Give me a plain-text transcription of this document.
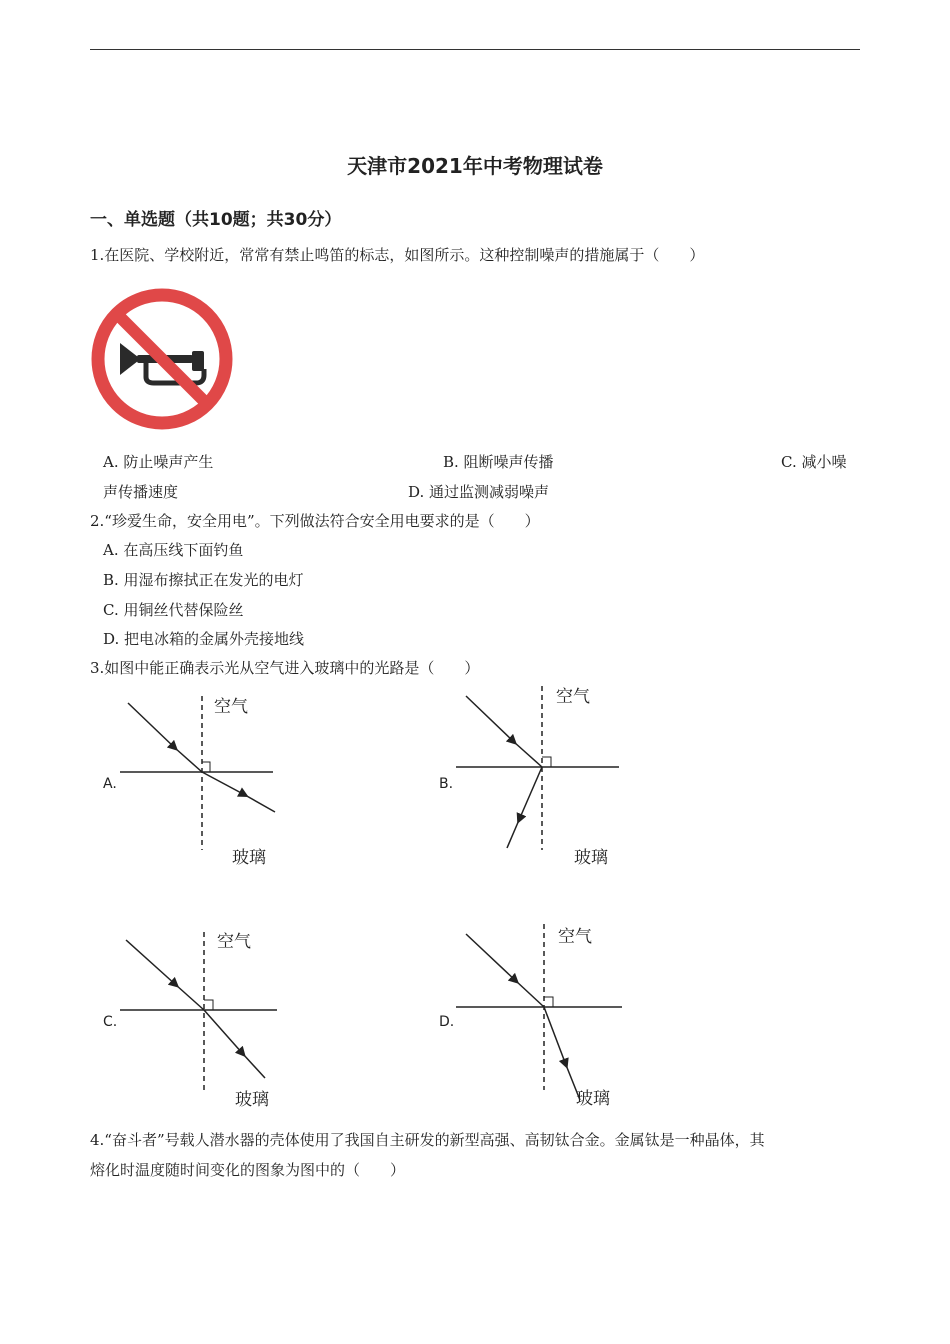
天津市2021年中考物理试卷
一、单选题（共10题；共30分）
1.在医院、学校附近，常常有禁止鸣笛的标志，如图所示。这种控制噪声的措施属于（　　）
A. 防止噪声产生	B. 阻断噪声传播	C. 减小噪
声传播速度	D. 通过监测减弱噪声
2.“珍爱生命，安全用电”。下列做法符合安全用电要求的是（　　）
A. 在高压线下面钓鱼
B. 用湿布擦拭正在发光的电灯
C. 用铜丝代替保险丝
D. 把电冰箱的金属外壳接地线
3.如图中能正确表示光从空气进入玻璃中的光路是（　　）
空气
玻璃
空气
玻璃
空气
玻璃
空气
玻璃
A.	B.
C.	D.
4.“奋斗者”号载人潜水器的壳体使用了我国自主研发的新型高强、高韧钛合金。金属钛是一种晶体，其
熔化时温度随时间变化的图象为图中的（　　）
